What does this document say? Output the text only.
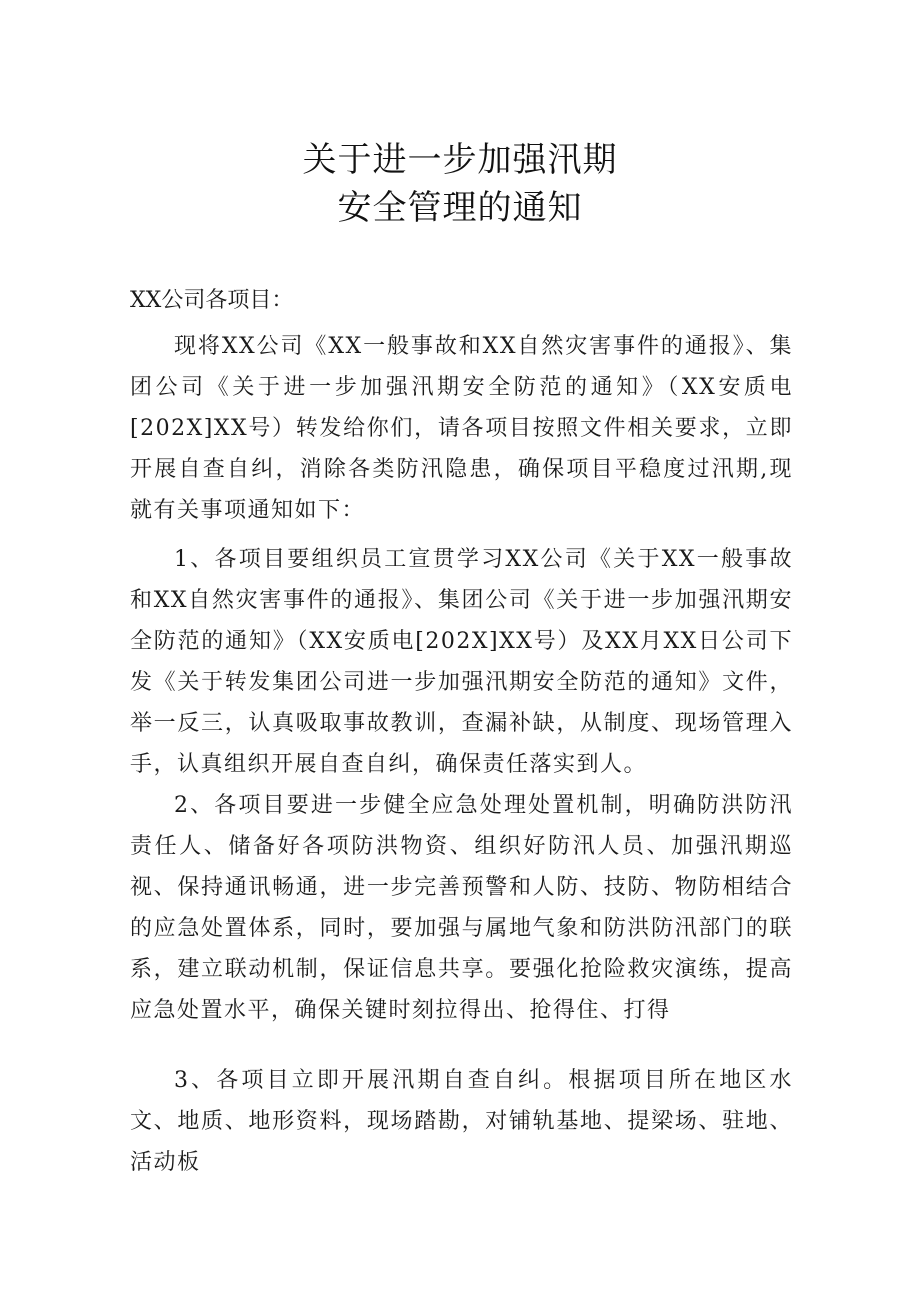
关于进一步加强汛期
安全管理的通知

XX公司各项目：

现将XX公司《XX一般事故和XX自然灾害事件的通报》、集团公司《关于进一步加强汛期安全防范的通知》（XX安质电[202X]XX号）转发给你们，请各项目按照文件相关要求，立即开展自查自纠，消除各类防汛隐患，确保项目平稳度过汛期,现就有关事项通知如下：

1、各项目要组织员工宣贯学习XX公司《关于XX一般事故和XX自然灾害事件的通报》、集团公司《关于进一步加强汛期安全防范的通知》（XX安质电[202X]XX号）及XX月XX日公司下发《关于转发集团公司进一步加强汛期安全防范的通知》文件，举一反三，认真吸取事故教训，查漏补缺，从制度、现场管理入手，认真组织开展自查自纠，确保责任落实到人。

2、各项目要进一步健全应急处理处置机制，明确防洪防汛责任人、储备好各项防洪物资、组织好防汛人员、加强汛期巡视、保持通讯畅通，进一步完善预警和人防、技防、物防相结合的应急处置体系，同时，要加强与属地气象和防洪防汛部门的联系，建立联动机制，保证信息共享。要强化抢险救灾演练，提高应急处置水平，确保关键时刻拉得出、抢得住、打得

3、各项目立即开展汛期自查自纠。根据项目所在地区水文、地质、地形资料，现场踏勘，对铺轨基地、提梁场、驻地、活动板
